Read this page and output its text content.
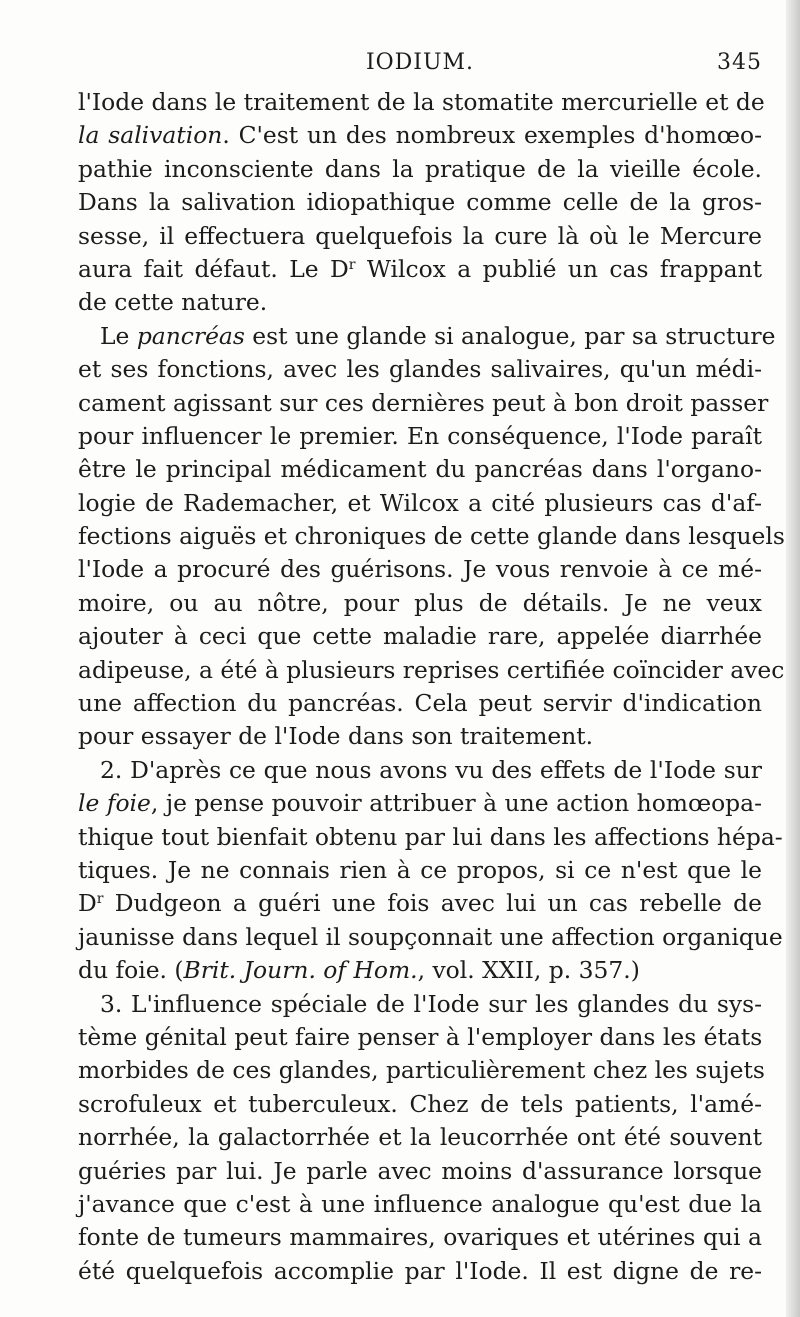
IODIUM.	345
l'Iode dans le traitement de la stomatite mercurielle et de
la salivation. C'est un des nombreux exemples d'homœo-
pathie inconsciente dans la pratique de la vieille école.
Dans la salivation idiopathique comme celle de la gros-
sesse, il effectuera quelquefois la cure là où le Mercure
aura fait défaut. Le $D^r$ Wilcox a publié un cas frappant
de cette nature.
Le pancréas est une glande si analogue, par sa structure
et ses fonctions, avec les glandes salivaires, qu'un médi-
cament agissant sur ces dernières peut à bon droit passer
pour influencer le premier. En conséquence, l'Iode paraît
être le principal médicament du pancréas dans l'organo-
logie de Rademacher, et Wilcox a cité plusieurs cas d'af-
fections aiguës et chroniques de cette glande dans lesquels
l'Iode a procuré des guérisons. Je vous renvoie à ce mé-
moire, ou au nôtre, pour plus de détails. Je ne veux
ajouter à ceci que cette maladie rare, appelée diarrhée
adipeuse, a été à plusieurs reprises certifiée coïncider avec
une affection du pancréas. Cela peut servir d'indication
pour essayer de l'Iode dans son traitement.
2. D'après ce que nous avons vu des effets de l'Iode sur
le foie, je pense pouvoir attribuer à une action homœopa-
thique tout bienfait obtenu par lui dans les affections hépa-
tiques. Je ne connais rien à ce propos, si ce n'est que le
$D^r$ Dudgeon a guéri une fois avec lui un cas rebelle de
jaunisse dans lequel il soupçonnait une affection organique
du foie. (Brit. Journ. of Hom., vol. XXII, p. 357.)
3. L'influence spéciale de l'Iode sur les glandes du sys-
tème génital peut faire penser à l'employer dans les états
morbides de ces glandes, particulièrement chez les sujets
scrofuleux et tuberculeux. Chez de tels patients, l'amé-
norrhée, la galactorrhée et la leucorrhée ont été souvent
guéries par lui. Je parle avec moins d'assurance lorsque
j'avance que c'est à une influence analogue qu'est due la
fonte de tumeurs mammaires, ovariques et utérines qui a
été quelquefois accomplie par l'Iode. Il est digne de re-
